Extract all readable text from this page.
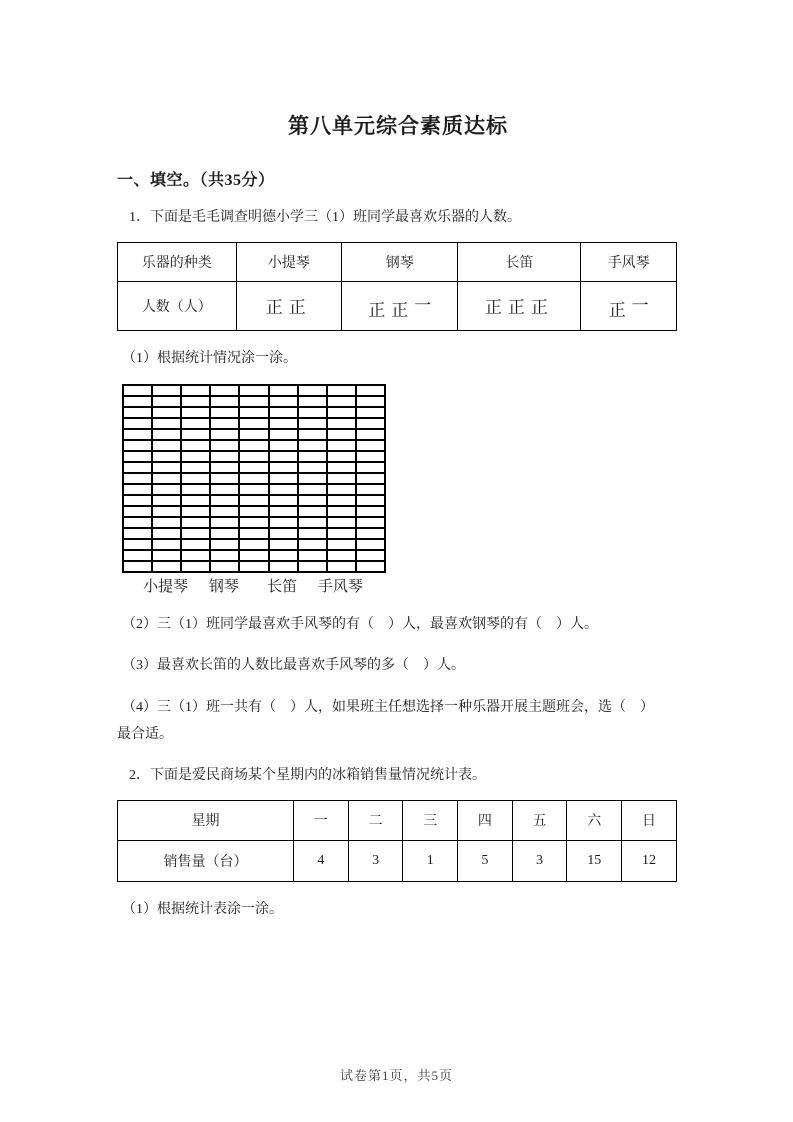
第八单元综合素质达标
一、填空。（共35分）

1．下面是毛毛调查明德小学三（1）班同学最喜欢乐器的人数。

乐器的种类	小提琴	钢琴	长笛	手风琴
人数（人）	正正	正正一	正正正	正一

（1）根据统计情况涂一涂。

小提琴 钢琴 长笛 手风琴

（2）三（1）班同学最喜欢手风琴的有（　）人，最喜欢钢琴的有（　）人。

（3）最喜欢长笛的人数比最喜欢手风琴的多（　）人。

（4）三（1）班一共有（　）人，如果班主任想选择一种乐器开展主题班会，选（　）最合适。

2．下面是爱民商场某个星期内的冰箱销售量情况统计表。

星期	一	二	三	四	五	六	日
销售量（台）	4	3	1	5	3	15	12

（1）根据统计表涂一涂。

试卷第1页，共5页
